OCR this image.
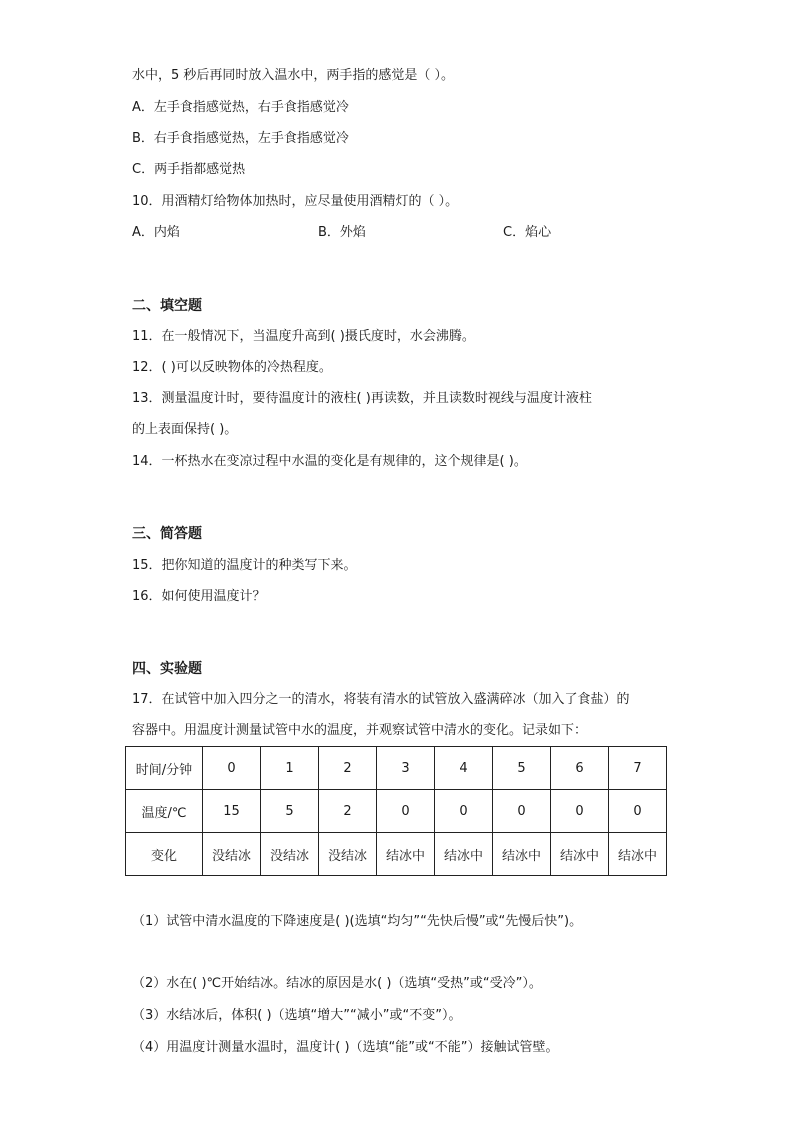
水中，5 秒后再同时放入温水中，两手指的感觉是（ ）。
A．左手食指感觉热，右手食指感觉冷
B．右手食指感觉热，左手食指感觉冷
C．两手指都感觉热
10．用酒精灯给物体加热时，应尽量使用酒精灯的（ ）。
A．内焰	B．外焰	C．焰心
二、填空题
11．在一般情况下，当温度升高到( )摄氏度时，水会沸腾。
12．( )可以反映物体的冷热程度。
13．测量温度计时，要待温度计的液柱( )再读数，并且读数时视线与温度计液柱
的上表面保持( )。
14．一杯热水在变凉过程中水温的变化是有规律的，这个规律是( )。
三、简答题
15．把你知道的温度计的种类写下来。
16．如何使用温度计？
四、实验题
17．在试管中加入四分之一的清水，将装有清水的试管放入盛满碎冰（加入了食盐）的
容器中。用温度计测量试管中水的温度，并观察试管中清水的变化。记录如下：
时间/分钟	0	1	2	3	4	5	6	7
温度/℃	15	5	2	0	0	0	0	0
变化	没结冰	没结冰	没结冰	结冰中	结冰中	结冰中	结冰中	结冰中
（1）试管中清水温度的下降速度是( )(选填“均匀”“先快后慢”或“先慢后快”)。
（2）水在( )℃开始结冰。结冰的原因是水( )（选填“受热”或“受冷”）。
（3）水结冰后，体积( )（选填“增大”“减小”或“不变”）。
（4）用温度计测量水温时，温度计( )（选填“能”或“不能”）接触试管壁。
